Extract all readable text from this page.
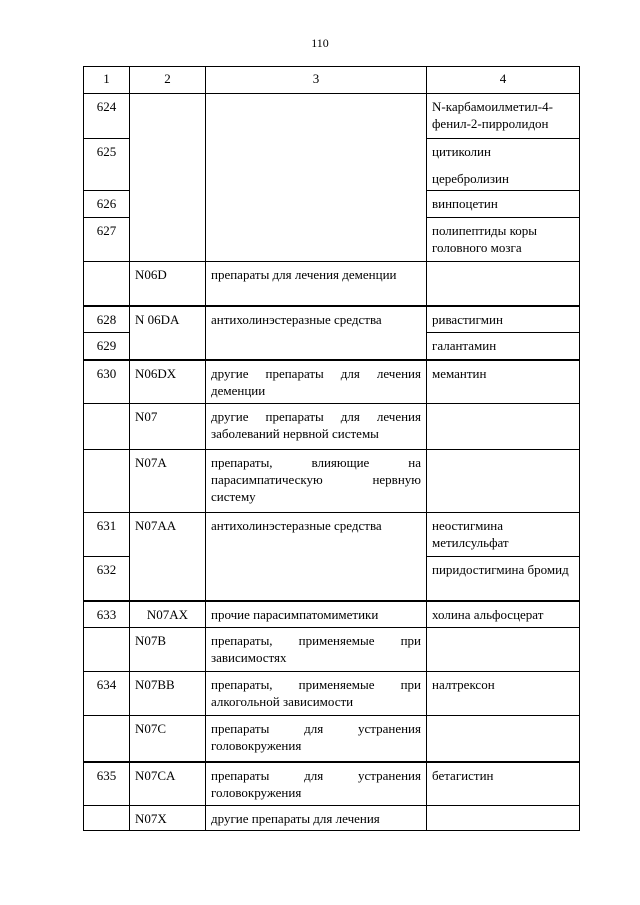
110
1	2	3	4
624			N-карбамоилметил-4-фенил-2-пирролидон
625			цитиколин
церебролизин

626			винпоцетин
627			полипептиды коры головного мозга
	N06D	препараты для лечения деменции	
628	N 06DA	антихолинэстеразные средства	ривастигмин
629			галантамин
630	N06DX	другие препараты для лечения деменции	мемантин
	N07	другие препараты для лечения заболеваний нервной системы	
	N07A	препараты, влияющие на парасимпатическую нервную систему	
631	N07AA	антихолинэстеразные средства	неостигмина метилсульфат
632			пиридостигмина бромид
633	N07AX	прочие парасимпатомиметики	холина альфосцерат
	N07B	препараты, применяемые при зависимостях	
634	N07BB	препараты, применяемые при алкогольной зависимости	налтрексон
	N07C	препараты для устранения головокружения	
635	N07CA	препараты для устранения головокружения	бетагистин
	N07X	другие препараты для лечения	
